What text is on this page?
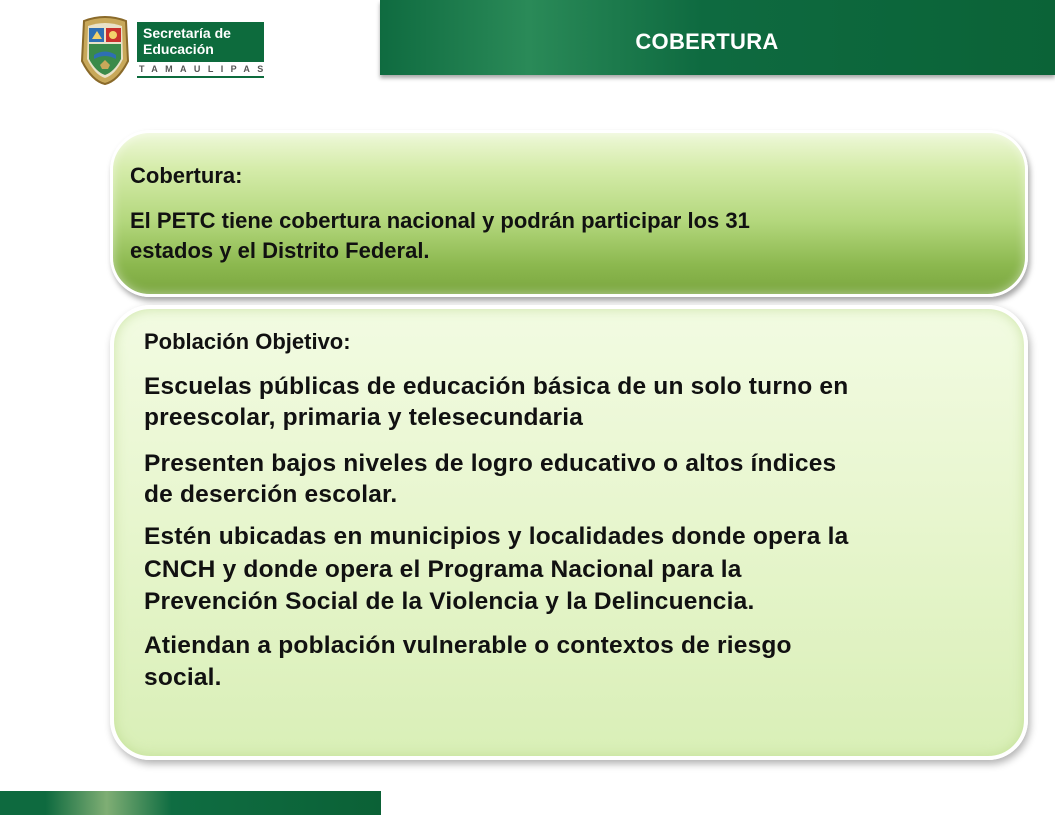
Secretaría de
Educación
TAMAULIPAS
COBERTURA
Cobertura:
El PETC tiene cobertura nacional y podrán participar los 31
estados y el Distrito Federal.
Población Objetivo:
Escuelas públicas de educación básica de un solo turno en
preescolar, primaria y telesecundaria
Presenten bajos niveles de logro educativo o altos índices
de deserción escolar.
Estén ubicadas en municipios y localidades donde opera la
CNCH y donde opera el Programa Nacional para la
Prevención Social de la Violencia y la Delincuencia.
Atiendan a población vulnerable o contextos de riesgo
social.
